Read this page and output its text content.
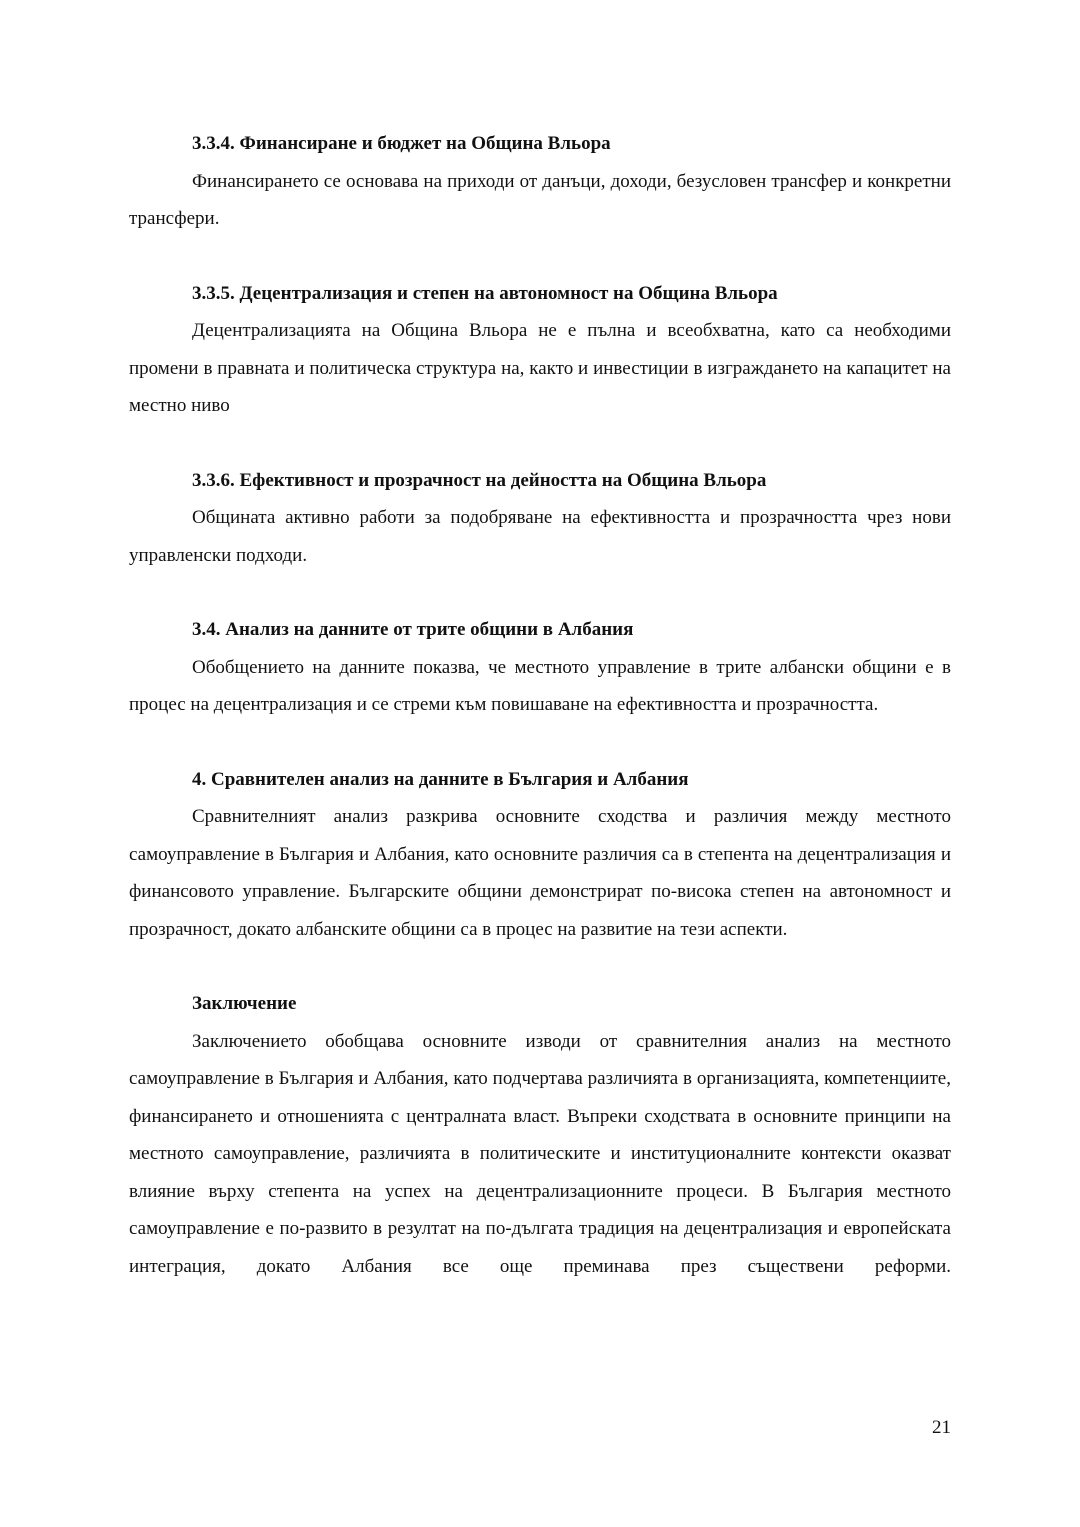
3.3.4. Финансиране и бюджет на Община Вльора

Финансирането се основава на приходи от данъци, доходи, безусловен трансфер и конкретни трансфери.

3.3.5. Децентрализация и степен на автономност на Община Вльора

Децентрализацията на Община Вльора не е пълна и всеобхватна, като са необходими промени в правната и политическа структура на, както и инвестиции в изграждането на капацитет на местно ниво

3.3.6. Ефективност и прозрачност на дейността на Община Вльора

Общината активно работи за подобряване на ефективността и прозрачността чрез нови управленски подходи.

3.4. Анализ на данните от трите общини в Албания

Обобщението на данните показва, че местното управление в трите албански общини е в процес на децентрализация и се стреми към повишаване на ефективността и прозрачността.

4. Сравнителен анализ на данните в България и Албания

Сравнителният анализ разкрива основните сходства и различия между местното самоуправление в България и Албания, като основните различия са в степента на децентрализация и финансовото управление. Българските общини демонстрират по-висока степен на автономност и прозрачност, докато албанските общини са в процес на развитие на тези аспекти.

Заключение

Заключението обобщава основните изводи от сравнителния анализ на местното самоуправление в България и Албания, като подчертава различията в организацията, компетенциите, финансирането и отношенията с централната власт. Въпреки сходствата в основните принципи на местното самоуправление, различията в политическите и институционалните контексти оказват влияние върху степента на успех на децентрализационните процеси. В България местното самоуправление е по-развито в резултат на по-дългата традиция на децентрализация и европейската интеграция, докато Албания все още преминава през съществени реформи.

21
